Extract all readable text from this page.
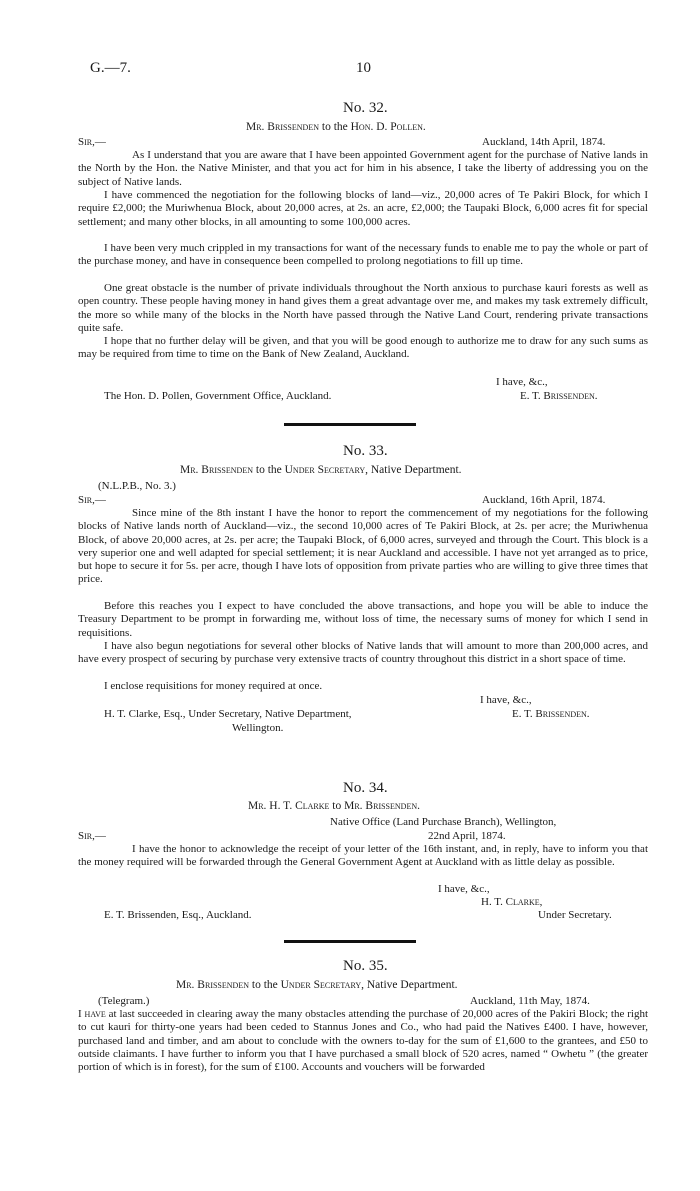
G.—7.	10
No. 32.
Mr. Brissenden to the Hon. D. Pollen.
Sir,—	Auckland, 14th April, 1874.
As I understand that you are aware that I have been appointed Government agent for the purchase of Native lands in the North by the Hon. the Native Minister, and that you act for him in his absence, I take the liberty of addressing you on the subject of Native lands.
I have commenced the negotiation for the following blocks of land—viz., 20,000 acres of Te Pakiri Block, for which I require £2,000; the Muriwhenua Block, about 20,000 acres, at 2s. an acre, £2,000; the Taupaki Block, 6,000 acres fit for special settlement; and many other blocks, in all amounting to some 100,000 acres.
I have been very much crippled in my transactions for want of the necessary funds to enable me to pay the whole or part of the purchase money, and have in consequence been compelled to prolong negotiations to fill up time.
One great obstacle is the number of private individuals throughout the North anxious to purchase kauri forests as well as open country. These people having money in hand gives them a great advantage over me, and makes my task extremely difficult, the more so while many of the blocks in the North have passed through the Native Land Court, rendering private transactions quite safe.
I hope that no further delay will be given, and that you will be good enough to authorize me to draw for any such sums as may be required from time to time on the Bank of New Zealand, Auckland.
I have, &c.,
The Hon. D. Pollen, Government Office, Auckland.	E. T. Brissenden.
No. 33.
Mr. Brissenden to the Under Secretary, Native Department.
(N.L.P.B., No. 3.)
Sir,—	Auckland, 16th April, 1874.
Since mine of the 8th instant I have the honor to report the commencement of my negotiations for the following blocks of Native lands north of Auckland—viz., the second 10,000 acres of Te Pakiri Block, at 2s. per acre; the Muriwhenua Block, of above 20,000 acres, at 2s. per acre; the Taupaki Block, of 6,000 acres, surveyed and through the Court. This block is a very superior one and well adapted for special settlement; it is near Auckland and accessible. I have not yet arranged as to price, but hope to secure it for 5s. per acre, though I have lots of opposition from private parties who are willing to give three times that price.
Before this reaches you I expect to have concluded the above transactions, and hope you will be able to induce the Treasury Department to be prompt in forwarding me, without loss of time, the necessary sums of money for which I send in requisitions.
I have also begun negotiations for several other blocks of Native lands that will amount to more than 200,000 acres, and have every prospect of securing by purchase very extensive tracts of country throughout this district in a short space of time.
I enclose requisitions for money required at once.
I have, &c.,
H. T. Clarke, Esq., Under Secretary, Native Department,	E. T. Brissenden.
Wellington.
No. 34.
Mr. H. T. Clarke to Mr. Brissenden.
Native Office (Land Purchase Branch), Wellington,
Sir,—	22nd April, 1874.
I have the honor to acknowledge the receipt of your letter of the 16th instant, and, in reply, have to inform you that the money required will be forwarded through the General Government Agent at Auckland with as little delay as possible.
I have, &c.,
H. T. Clarke,
E. T. Brissenden, Esq., Auckland.	Under Secretary.
No. 35.
Mr. Brissenden to the Under Secretary, Native Department.
(Telegram.)	Auckland, 11th May, 1874.
I have at last succeeded in clearing away the many obstacles attending the purchase of 20,000 acres of the Pakiri Block; the right to cut kauri for thirty-one years had been ceded to Stannus Jones and Co., who had paid the Natives £400. I have, however, purchased land and timber, and am about to conclude with the owners to-day for the sum of £1,600 to the grantees, and £50 to outside claimants. I have further to inform you that I have purchased a small block of 520 acres, named “ Owhetu ” (the greater portion of which is in forest), for the sum of £100. Accounts and vouchers will be forwarded
